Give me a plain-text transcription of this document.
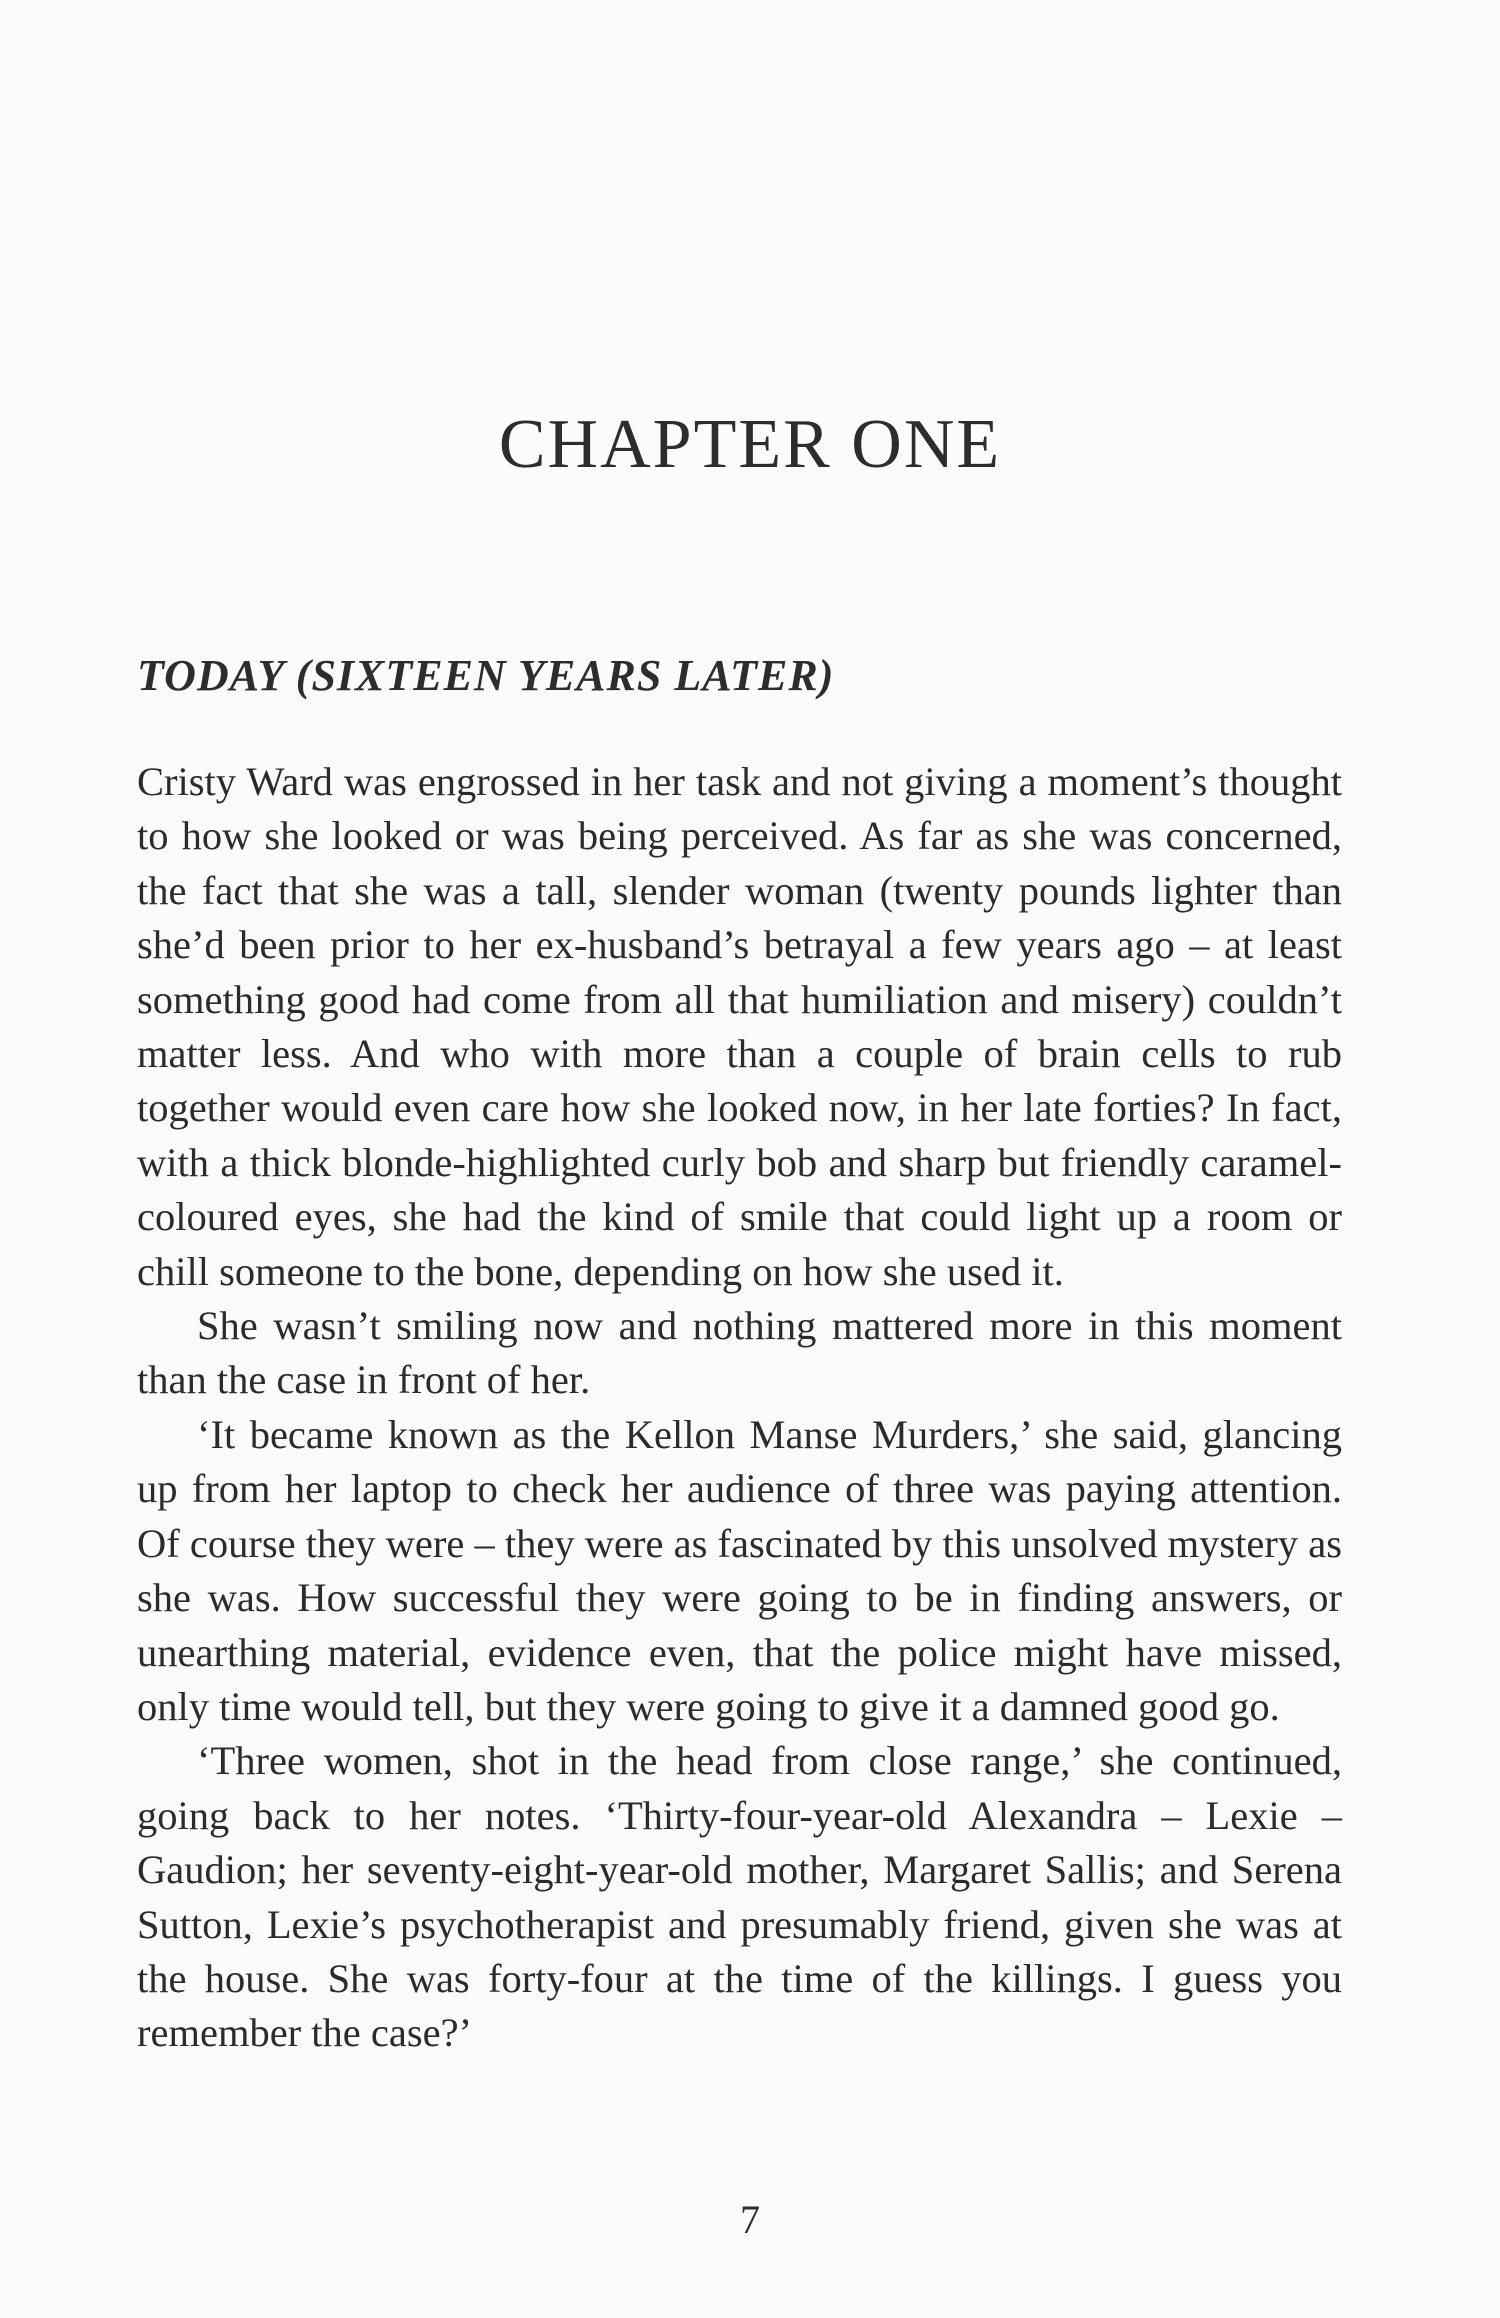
CHAPTER ONE
TODAY (SIXTEEN YEARS LATER)

Cristy Ward was engrossed in her task and not giving a moment’s thought to how she looked or was being perceived. As far as she was concerned, the fact that she was a tall, slender woman (twenty pounds lighter than she’d been prior to her ex-husband’s betrayal a few years ago – at least something good had come from all that humiliation and misery) couldn’t matter less. And who with more than a couple of brain cells to rub together would even care how she looked now, in her late forties? In fact, with a thick blonde-highlighted curly bob and sharp but friendly caramel-coloured eyes, she had the kind of smile that could light up a room or chill someone to the bone, depending on how she used it.

She wasn’t smiling now and nothing mattered more in this moment than the case in front of her.

‘It became known as the Kellon Manse Murders,’ she said, glancing up from her laptop to check her audience of three was paying attention. Of course they were – they were as fascinated by this unsolved mystery as she was. How successful they were going to be in finding answers, or unearthing material, evidence even, that the police might have missed, only time would tell, but they were going to give it a damned good go.

‘Three women, shot in the head from close range,’ she continued, going back to her notes. ‘Thirty-four-year-old Alexandra – Lexie – Gaudion; her seventy-eight-year-old mother, Margaret Sallis; and Serena Sutton, Lexie’s psychotherapist and presumably friend, given she was at the house. She was forty-four at the time of the killings. I guess you remember the case?’

7
